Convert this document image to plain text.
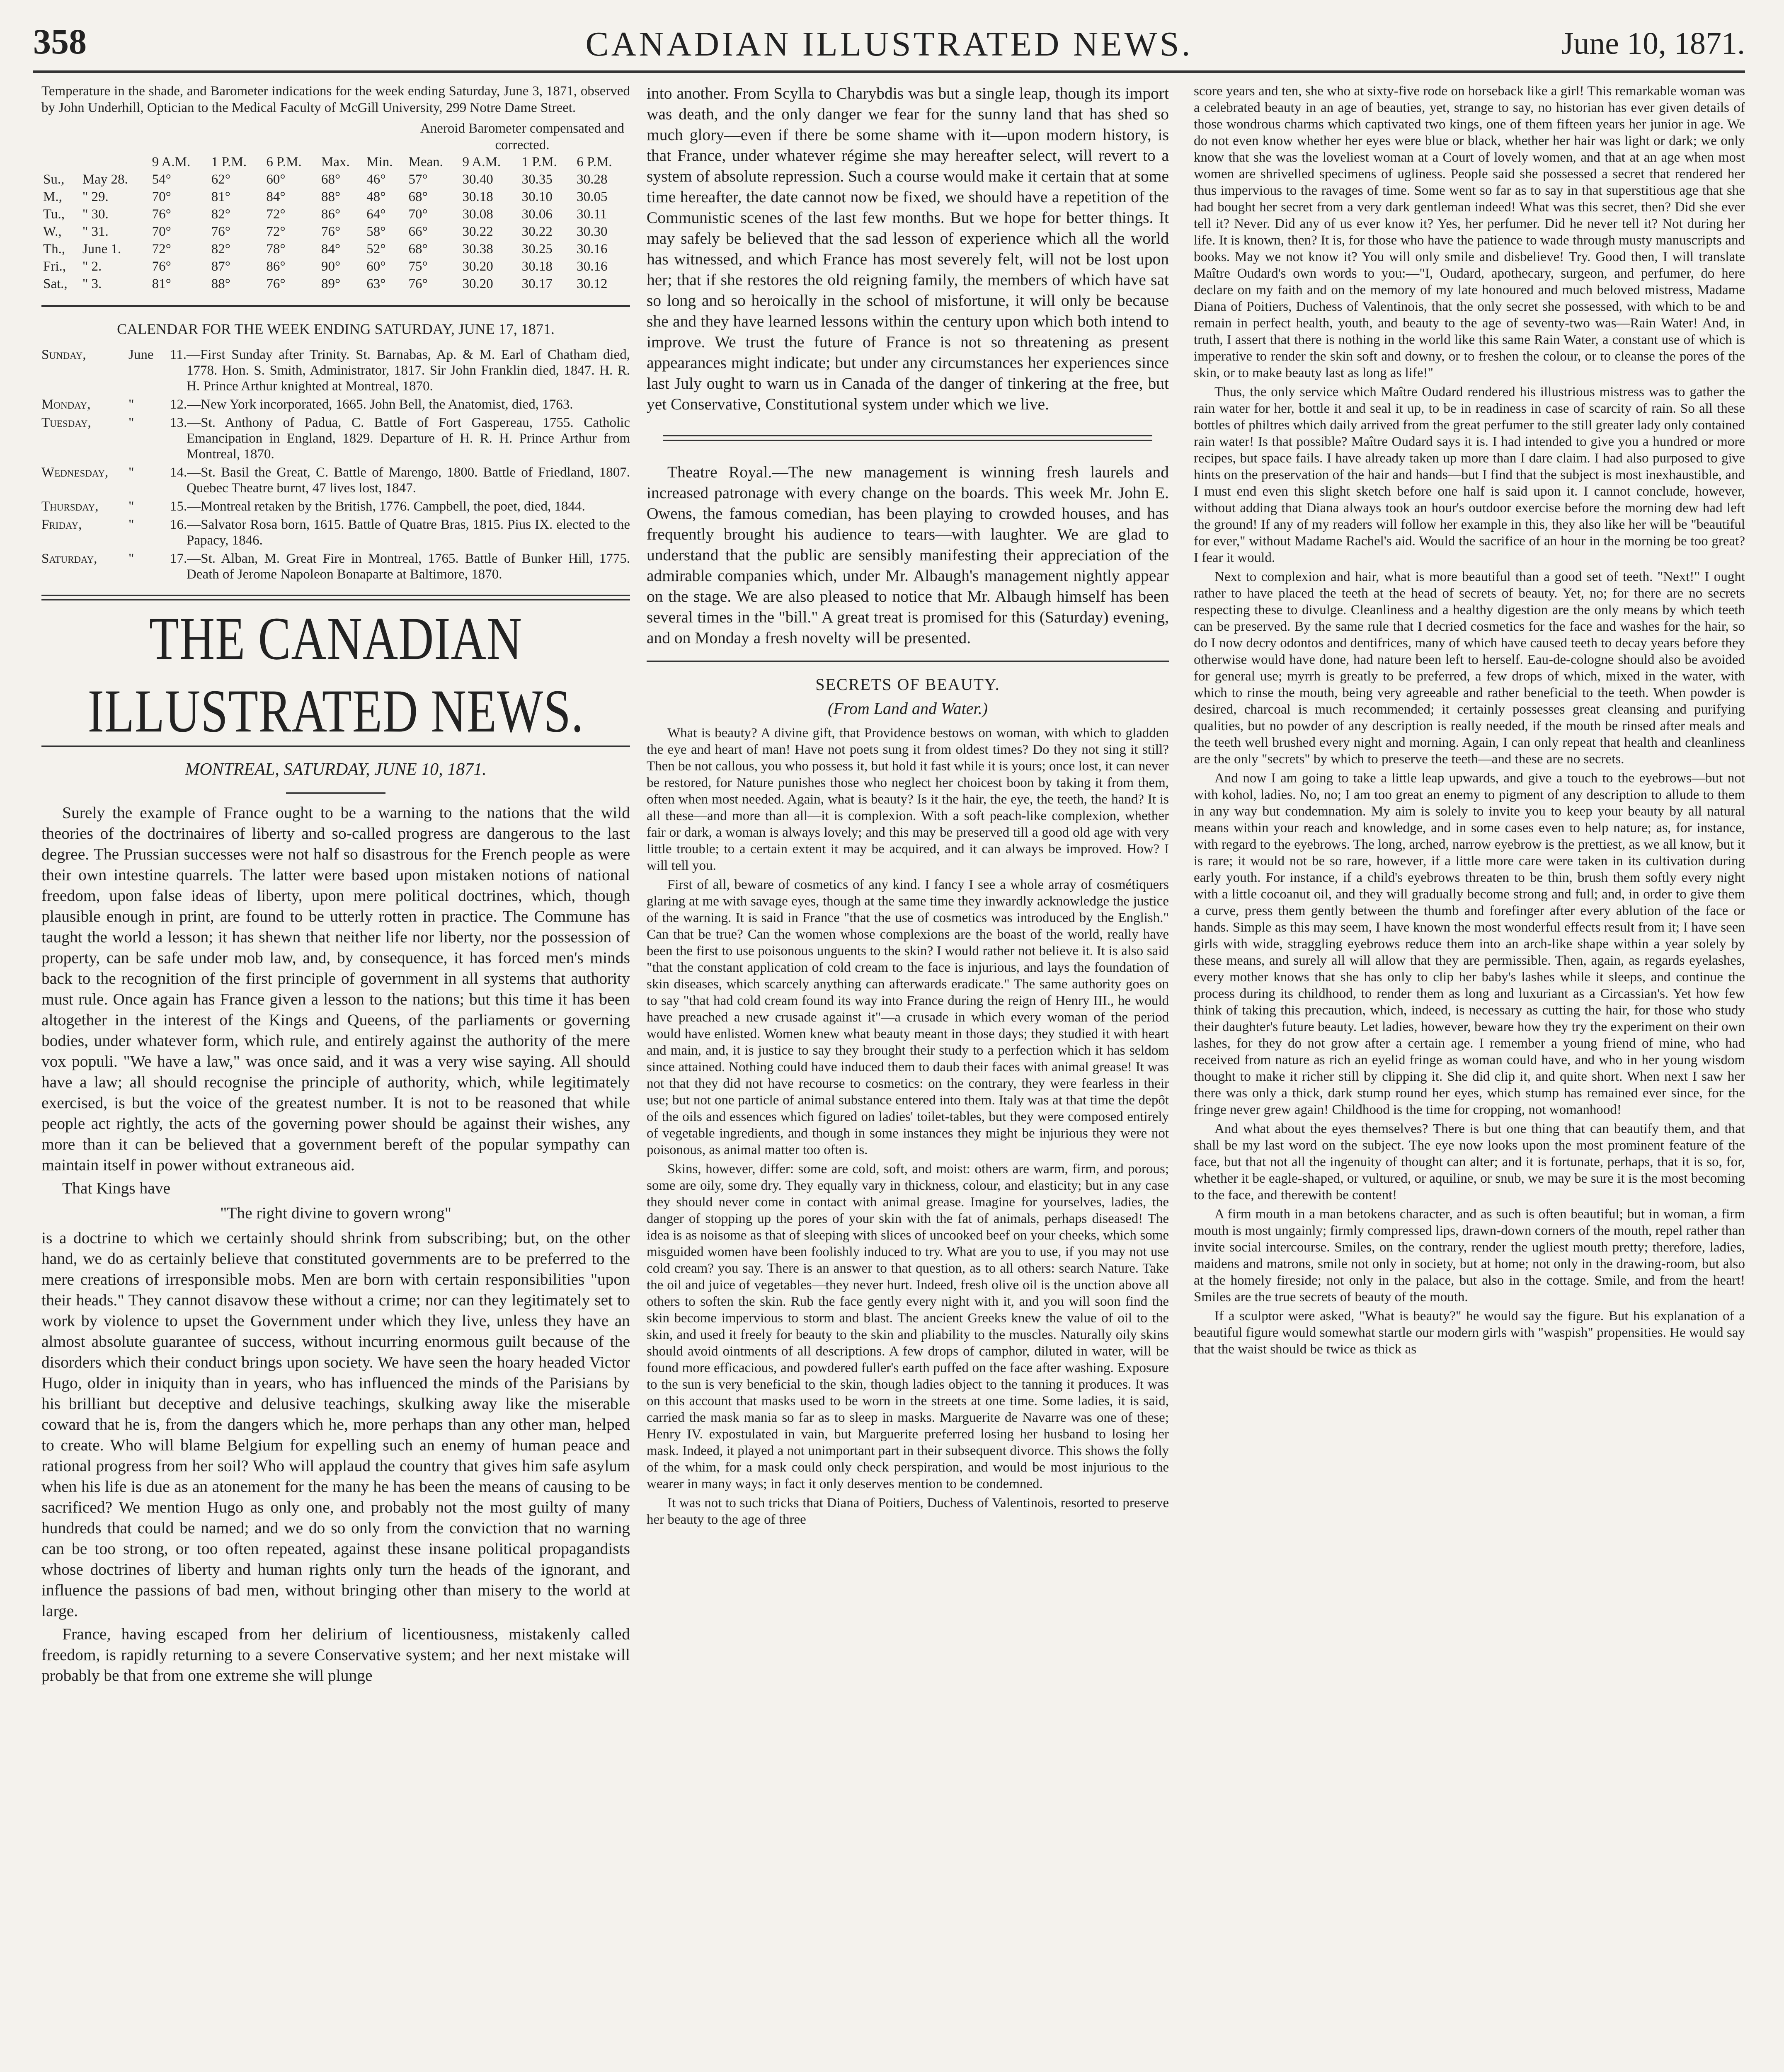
358	CANADIAN ILLUSTRATED NEWS.	June 10, 1871.
Temperature in the shade, and Barometer indications for the week ending Saturday, June 3, 1871, observed by John Underhill, Optician to the Medical Faculty of McGill University, 299 Notre Dame Street.
Aneroid Barometer compensated and corrected.
		9 A.M.	1 P.M.	6 P.M.	Max.	Min.	Mean.	9 A.M.	1 P.M.	6 P.M.
Su.,	May 28.	54°	62°	60°	68°	46°	57°	30.40	30.35	30.28
M.,	" 29.	70°	81°	84°	88°	48°	68°	30.18	30.10	30.05
Tu.,	" 30.	76°	82°	72°	86°	64°	70°	30.08	30.06	30.11
W.,	" 31.	70°	76°	72°	76°	58°	66°	30.22	30.22	30.30
Th.,	June 1.	72°	82°	78°	84°	52°	68°	30.38	30.25	30.16
Fri.,	" 2.	76°	87°	86°	90°	60°	75°	30.20	30.18	30.16
Sat.,	" 3.	81°	88°	76°	89°	63°	76°	30.20	30.17	30.12
CALENDAR FOR THE WEEK ENDING SATURDAY, JUNE 17, 1871.
Sunday,	June	11.—First Sunday after Trinity. St. Barnabas, Ap. & M. Earl of Chatham died, 1778. Hon. S. Smith, Administrator, 1817. Sir John Franklin died, 1847. H. R. H. Prince Arthur knighted at Montreal, 1870.
Monday,	"	12.—New York incorporated, 1665. John Bell, the Anatomist, died, 1763.
Tuesday,	"	13.—St. Anthony of Padua, C. Battle of Fort Gaspereau, 1755. Catholic Emancipation in England, 1829. Departure of H. R. H. Prince Arthur from Montreal, 1870.
Wednesday,	"	14.—St. Basil the Great, C. Battle of Marengo, 1800. Battle of Friedland, 1807. Quebec Theatre burnt, 47 lives lost, 1847.
Thursday,	"	15.—Montreal retaken by the British, 1776. Campbell, the poet, died, 1844.
Friday,	"	16.—Salvator Rosa born, 1615. Battle of Quatre Bras, 1815. Pius IX. elected to the Papacy, 1846.
Saturday,	"	17.—St. Alban, M. Great Fire in Montreal, 1765. Battle of Bunker Hill, 1775. Death of Jerome Napoleon Bonaparte at Baltimore, 1870.
THE CANADIAN ILLUSTRATED NEWS.
MONTREAL, SATURDAY, JUNE 10, 1871.

Surely the example of France ought to be a warning to the nations that the wild theories of the doctrinaires of liberty and so-called progress are dangerous to the last degree. The Prussian successes were not half so disastrous for the French people as were their own intestine quarrels. The latter were based upon mistaken notions of national freedom, upon false ideas of liberty, upon mere political doctrines, which, though plausible enough in print, are found to be utterly rotten in practice. The Commune has taught the world a lesson; it has shewn that neither life nor liberty, nor the possession of property, can be safe under mob law, and, by consequence, it has forced men's minds back to the recognition of the first principle of government in all systems that authority must rule. Once again has France given a lesson to the nations; but this time it has been altogether in the interest of the Kings and Queens, of the parliaments or governing bodies, under whatever form, which rule, and entirely against the authority of the mere vox populi. "We have a law," was once said, and it was a very wise saying. All should have a law; all should recognise the principle of authority, which, while legitimately exercised, is but the voice of the greatest number. It is not to be reasoned that while people act rightly, the acts of the governing power should be against their wishes, any more than it can be believed that a government bereft of the popular sympathy can maintain itself in power without extraneous aid.

That Kings have

"The right divine to govern wrong"

is a doctrine to which we certainly should shrink from subscribing; but, on the other hand, we do as certainly believe that constituted governments are to be preferred to the mere creations of irresponsible mobs. Men are born with certain responsibilities "upon their heads." They cannot disavow these without a crime; nor can they legitimately set to work by violence to upset the Government under which they live, unless they have an almost absolute guarantee of success, without incurring enormous guilt because of the disorders which their conduct brings upon society. We have seen the hoary headed Victor Hugo, older in iniquity than in years, who has influenced the minds of the Parisians by his brilliant but deceptive and delusive teachings, skulking away like the miserable coward that he is, from the dangers which he, more perhaps than any other man, helped to create. Who will blame Belgium for expelling such an enemy of human peace and rational progress from her soil? Who will applaud the country that gives him safe asylum when his life is due as an atonement for the many he has been the means of causing to be sacrificed? We mention Hugo as only one, and probably not the most guilty of many hundreds that could be named; and we do so only from the conviction that no warning can be too strong, or too often repeated, against these insane political propagandists whose doctrines of liberty and human rights only turn the heads of the ignorant, and influence the passions of bad men, without bringing other than misery to the world at large.

France, having escaped from her delirium of licentiousness, mistakenly called freedom, is rapidly returning to a severe Conservative system; and her next mistake will probably be that from one extreme she will plunge

into another. From Scylla to Charybdis was but a single leap, though its import was death, and the only danger we fear for the sunny land that has shed so much glory—even if there be some shame with it—upon modern history, is that France, under whatever régime she may hereafter select, will revert to a system of absolute repression. Such a course would make it certain that at some time hereafter, the date cannot now be fixed, we should have a repetition of the Communistic scenes of the last few months. But we hope for better things. It may safely be believed that the sad lesson of experience which all the world has witnessed, and which France has most severely felt, will not be lost upon her; that if she restores the old reigning family, the members of which have sat so long and so heroically in the school of misfortune, it will only be because she and they have learned lessons within the century upon which both intend to improve. We trust the future of France is not so threatening as present appearances might indicate; but under any circumstances her experiences since last July ought to warn us in Canada of the danger of tinkering at the free, but yet Conservative, Constitutional system under which we live.

Theatre Royal.—The new management is winning fresh laurels and increased patronage with every change on the boards. This week Mr. John E. Owens, the famous comedian, has been playing to crowded houses, and has frequently brought his audience to tears—with laughter. We are glad to understand that the public are sensibly manifesting their appreciation of the admirable companies which, under Mr. Albaugh's management nightly appear on the stage. We are also pleased to notice that Mr. Albaugh himself has been several times in the "bill." A great treat is promised for this (Saturday) evening, and on Monday a fresh novelty will be presented.

SECRETS OF BEAUTY.
(From Land and Water.)

What is beauty? A divine gift, that Providence bestows on woman, with which to gladden the eye and heart of man! Have not poets sung it from oldest times? Do they not sing it still? Then be not callous, you who possess it, but hold it fast while it is yours; once lost, it can never be restored, for Nature punishes those who neglect her choicest boon by taking it from them, often when most needed. Again, what is beauty? Is it the hair, the eye, the teeth, the hand? It is all these—and more than all—it is complexion. With a soft peach-like complexion, whether fair or dark, a woman is always lovely; and this may be preserved till a good old age with very little trouble; to a certain extent it may be acquired, and it can always be improved. How? I will tell you.

First of all, beware of cosmetics of any kind. I fancy I see a whole array of cosmétiquers glaring at me with savage eyes, though at the same time they inwardly acknowledge the justice of the warning. It is said in France "that the use of cosmetics was introduced by the English." Can that be true? Can the women whose complexions are the boast of the world, really have been the first to use poisonous unguents to the skin? I would rather not believe it. It is also said "that the constant application of cold cream to the face is injurious, and lays the foundation of skin diseases, which scarcely anything can afterwards eradicate." The same authority goes on to say "that had cold cream found its way into France during the reign of Henry III., he would have preached a new crusade against it"—a crusade in which every woman of the period would have enlisted. Women knew what beauty meant in those days; they studied it with heart and main, and, it is justice to say they brought their study to a perfection which it has seldom since attained. Nothing could have induced them to daub their faces with animal grease! It was not that they did not have recourse to cosmetics: on the contrary, they were fearless in their use; but not one particle of animal substance entered into them. Italy was at that time the depôt of the oils and essences which figured on ladies' toilet-tables, but they were composed entirely of vegetable ingredients, and though in some instances they might be injurious they were not poisonous, as animal matter too often is.

Skins, however, differ: some are cold, soft, and moist: others are warm, firm, and porous; some are oily, some dry. They equally vary in thickness, colour, and elasticity; but in any case they should never come in contact with animal grease. Imagine for yourselves, ladies, the danger of stopping up the pores of your skin with the fat of animals, perhaps diseased! The idea is as noisome as that of sleeping with slices of uncooked beef on your cheeks, which some misguided women have been foolishly induced to try. What are you to use, if you may not use cold cream? you say. There is an answer to that question, as to all others: search Nature. Take the oil and juice of vegetables—they never hurt. Indeed, fresh olive oil is the unction above all others to soften the skin. Rub the face gently every night with it, and you will soon find the skin become impervious to storm and blast. The ancient Greeks knew the value of oil to the skin, and used it freely for beauty to the skin and pliability to the muscles. Naturally oily skins should avoid ointments of all descriptions. A few drops of camphor, diluted in water, will be found more efficacious, and powdered fuller's earth puffed on the face after washing. Exposure to the sun is very beneficial to the skin, though ladies object to the tanning it produces. It was on this account that masks used to be worn in the streets at one time. Some ladies, it is said, carried the mask mania so far as to sleep in masks. Marguerite de Navarre was one of these; Henry IV. expostulated in vain, but Marguerite preferred losing her husband to losing her mask. Indeed, it played a not unimportant part in their subsequent divorce. This shows the folly of the whim, for a mask could only check perspiration, and would be most injurious to the wearer in many ways; in fact it only deserves mention to be condemned.

It was not to such tricks that Diana of Poitiers, Duchess of Valentinois, resorted to preserve her beauty to the age of three

score years and ten, she who at sixty-five rode on horseback like a girl! This remarkable woman was a celebrated beauty in an age of beauties, yet, strange to say, no historian has ever given details of those wondrous charms which captivated two kings, one of them fifteen years her junior in age. We do not even know whether her eyes were blue or black, whether her hair was light or dark; we only know that she was the loveliest woman at a Court of lovely women, and that at an age when most women are shrivelled specimens of ugliness. People said she possessed a secret that rendered her thus impervious to the ravages of time. Some went so far as to say in that superstitious age that she had bought her secret from a very dark gentleman indeed! What was this secret, then? Did she ever tell it? Never. Did any of us ever know it? Yes, her perfumer. Did he never tell it? Not during her life. It is known, then? It is, for those who have the patience to wade through musty manuscripts and books. May we not know it? You will only smile and disbelieve! Try. Good then, I will translate Maître Oudard's own words to you:—"I, Oudard, apothecary, surgeon, and perfumer, do here declare on my faith and on the memory of my late honoured and much beloved mistress, Madame Diana of Poitiers, Duchess of Valentinois, that the only secret she possessed, with which to be and remain in perfect health, youth, and beauty to the age of seventy-two was—Rain Water! And, in truth, I assert that there is nothing in the world like this same Rain Water, a constant use of which is imperative to render the skin soft and downy, or to freshen the colour, or to cleanse the pores of the skin, or to make beauty last as long as life!"

Thus, the only service which Maître Oudard rendered his illustrious mistress was to gather the rain water for her, bottle it and seal it up, to be in readiness in case of scarcity of rain. So all these bottles of philtres which daily arrived from the great perfumer to the still greater lady only contained rain water! Is that possible? Maître Oudard says it is. I had intended to give you a hundred or more recipes, but space fails. I have already taken up more than I dare claim. I had also purposed to give hints on the preservation of the hair and hands—but I find that the subject is most inexhaustible, and I must end even this slight sketch before one half is said upon it. I cannot conclude, however, without adding that Diana always took an hour's outdoor exercise before the morning dew had left the ground! If any of my readers will follow her example in this, they also like her will be "beautiful for ever," without Madame Rachel's aid. Would the sacrifice of an hour in the morning be too great? I fear it would.

Next to complexion and hair, what is more beautiful than a good set of teeth. "Next!" I ought rather to have placed the teeth at the head of secrets of beauty. Yet, no; for there are no secrets respecting these to divulge. Cleanliness and a healthy digestion are the only means by which teeth can be preserved. By the same rule that I decried cosmetics for the face and washes for the hair, so do I now decry odontos and dentifrices, many of which have caused teeth to decay years before they otherwise would have done, had nature been left to herself. Eau-de-cologne should also be avoided for general use; myrrh is greatly to be preferred, a few drops of which, mixed in the water, with which to rinse the mouth, being very agreeable and rather beneficial to the teeth. When powder is desired, charcoal is much recommended; it certainly possesses great cleansing and purifying qualities, but no powder of any description is really needed, if the mouth be rinsed after meals and the teeth well brushed every night and morning. Again, I can only repeat that health and cleanliness are the only "secrets" by which to preserve the teeth—and these are no secrets.

And now I am going to take a little leap upwards, and give a touch to the eyebrows—but not with kohol, ladies. No, no; I am too great an enemy to pigment of any description to allude to them in any way but condemnation. My aim is solely to invite you to keep your beauty by all natural means within your reach and knowledge, and in some cases even to help nature; as, for instance, with regard to the eyebrows. The long, arched, narrow eyebrow is the prettiest, as we all know, but it is rare; it would not be so rare, however, if a little more care were taken in its cultivation during early youth. For instance, if a child's eyebrows threaten to be thin, brush them softly every night with a little cocoanut oil, and they will gradually become strong and full; and, in order to give them a curve, press them gently between the thumb and forefinger after every ablution of the face or hands. Simple as this may seem, I have known the most wonderful effects result from it; I have seen girls with wide, straggling eyebrows reduce them into an arch-like shape within a year solely by these means, and surely all will allow that they are permissible. Then, again, as regards eyelashes, every mother knows that she has only to clip her baby's lashes while it sleeps, and continue the process during its childhood, to render them as long and luxuriant as a Circassian's. Yet how few think of taking this precaution, which, indeed, is necessary as cutting the hair, for those who study their daughter's future beauty. Let ladies, however, beware how they try the experiment on their own lashes, for they do not grow after a certain age. I remember a young friend of mine, who had received from nature as rich an eyelid fringe as woman could have, and who in her young wisdom thought to make it richer still by clipping it. She did clip it, and quite short. When next I saw her there was only a thick, dark stump round her eyes, which stump has remained ever since, for the fringe never grew again! Childhood is the time for cropping, not womanhood!

And what about the eyes themselves? There is but one thing that can beautify them, and that shall be my last word on the subject. The eye now looks upon the most prominent feature of the face, but that not all the ingenuity of thought can alter; and it is fortunate, perhaps, that it is so, for, whether it be eagle-shaped, or vultured, or aquiline, or snub, we may be sure it is the most becoming to the face, and therewith be content!

A firm mouth in a man betokens character, and as such is often beautiful; but in woman, a firm mouth is most ungainly; firmly compressed lips, drawn-down corners of the mouth, repel rather than invite social intercourse. Smiles, on the contrary, render the ugliest mouth pretty; therefore, ladies, maidens and matrons, smile not only in society, but at home; not only in the drawing-room, but also at the homely fireside; not only in the palace, but also in the cottage. Smile, and from the heart! Smiles are the true secrets of beauty of the mouth.

If a sculptor were asked, "What is beauty?" he would say the figure. But his explanation of a beautiful figure would somewhat startle our modern girls with "waspish" propensities. He would say that the waist should be twice as thick as
